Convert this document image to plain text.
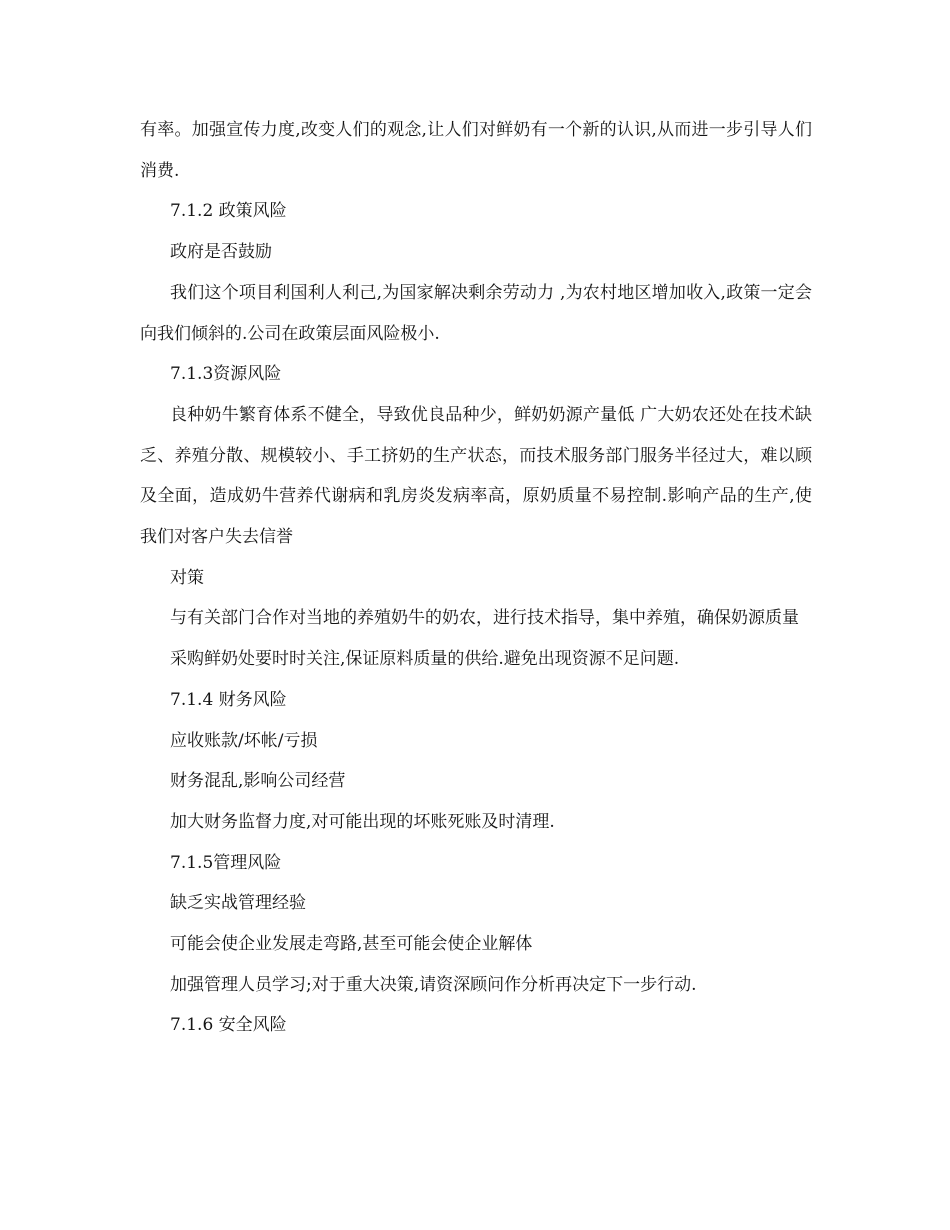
有率。加强宣传力度,改变人们的观念,让人们对鲜奶有一个新的认识,从而进一步引导人们消费.

7.1.2 政策风险

政府是否鼓励

我们这个项目利国利人利己,为国家解决剩余劳动力 ,为农村地区增加收入,政策一定会向我们倾斜的.公司在政策层面风险极小.

7.1.3资源风险

良种奶牛繁育体系不健全，导致优良品种少，鲜奶奶源产量低 广大奶农还处在技术缺乏、养殖分散、规模较小、手工挤奶的生产状态，而技术服务部门服务半径过大，难以顾及全面，造成奶牛营养代谢病和乳房炎发病率高，原奶质量不易控制.影响产品的生产,使我们对客户失去信誉

对策

与有关部门合作对当地的养殖奶牛的奶农，进行技术指导，集中养殖，确保奶源质量

采购鲜奶处要时时关注,保证原料质量的供给.避免出现资源不足问题.

7.1.4 财务风险

应收账款/坏帐/亏损

财务混乱,影响公司经营

加大财务监督力度,对可能出现的坏账死账及时清理.

7.1.5管理风险

缺乏实战管理经验

可能会使企业发展走弯路,甚至可能会使企业解体

加强管理人员学习;对于重大决策,请资深顾问作分析再决定下一步行动.

7.1.6 安全风险
